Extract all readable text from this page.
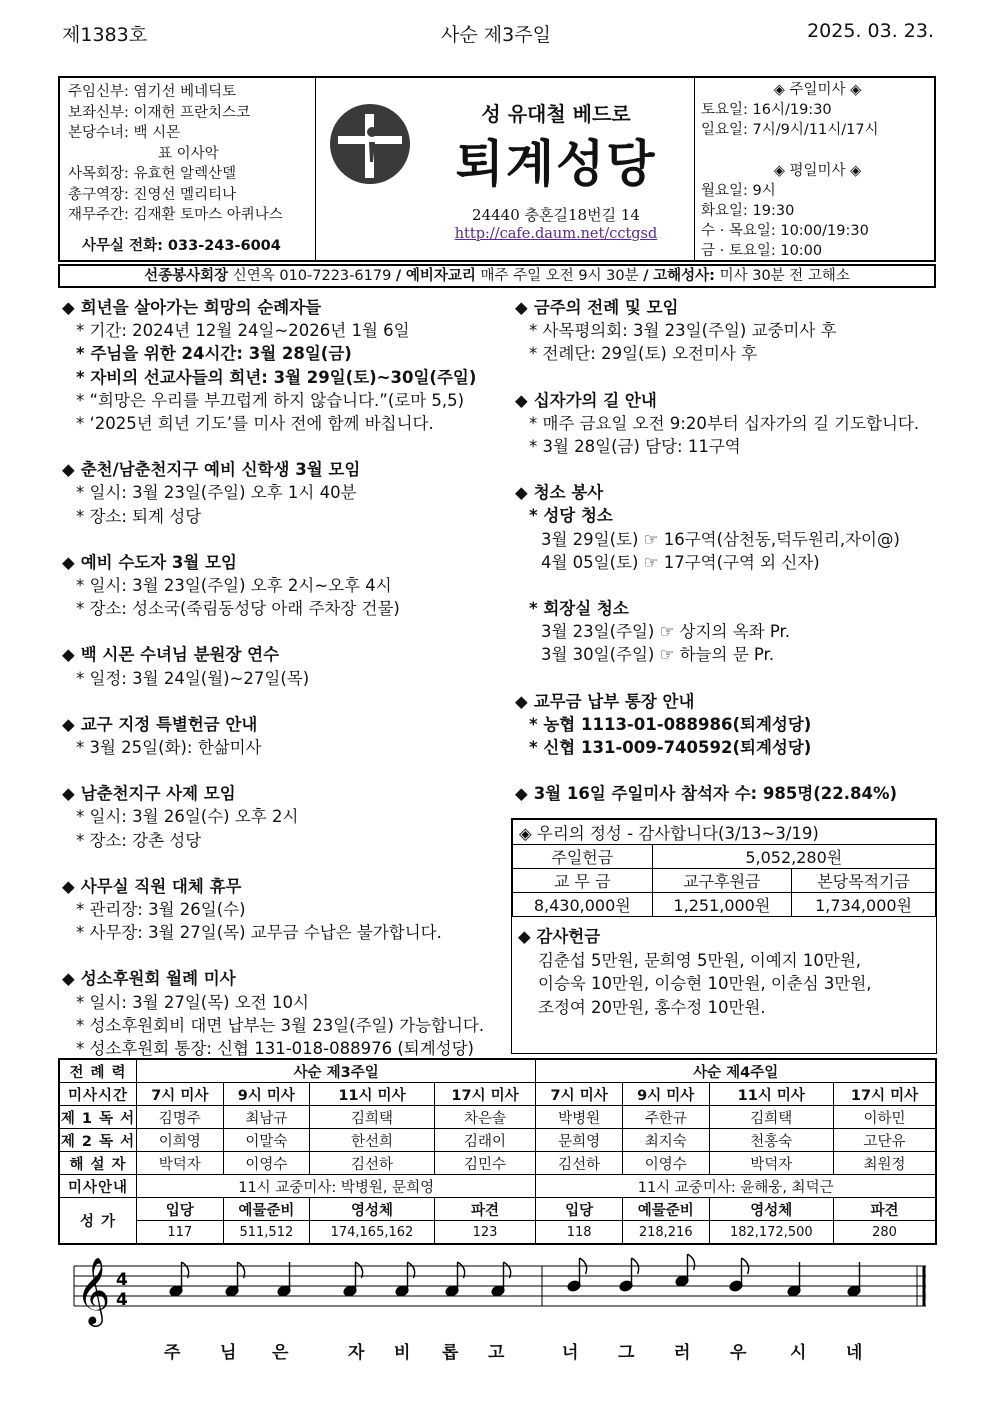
제1383호	사순 제3주일	2025. 03. 23.
주임신부: 염기선 베네딕토
보좌신부: 이재헌 프란치스코
본당수녀: 백 시몬
표 이사악
사목회장: 유효헌 알렉산델
총구역장: 진영선 멜리티나
재무주간: 김재환 토마스 아퀴나스
사무실 전화: 033-243-6004
성 유대철 베드로
퇴계성당
24440 충혼길18번길 14
http://cafe.daum.net/cctgsd
◈ 주일미사 ◈
토요일: 16시/19:30
일요일: 7시/9시/11시/17시
◈ 평일미사 ◈
월요일: 9시
화요일: 19:30
수 · 목요일: 10:00/19:30
금 · 토요일: 10:00
선종봉사회장 신연옥 010-7223-6179 / 예비자교리 매주 주일 오전 9시 30분 / 고해성사: 미사 30분 전 고해소
◆ 희년을 살아가는 희망의 순례자들
* 기간: 2024년 12월 24일~2026년 1월 6일
* 주님을 위한 24시간: 3월 28일(금)
* 자비의 선교사들의 희년: 3월 29일(토)~30일(주일)
* “희망은 우리를 부끄럽게 하지 않습니다.”(로마 5,5)
* ‘2025년 희년 기도’를 미사 전에 함께 바칩니다.
◆ 춘천/남춘천지구 예비 신학생 3월 모임
* 일시: 3월 23일(주일) 오후 1시 40분
* 장소: 퇴계 성당
◆ 예비 수도자 3월 모임
* 일시: 3월 23일(주일) 오후 2시~오후 4시
* 장소: 성소국(죽림동성당 아래 주차장 건물)
◆ 백 시몬 수녀님 분원장 연수
* 일정: 3월 24일(월)~27일(목)
◆ 교구 지정 특별헌금 안내
* 3월 25일(화): 한삶미사
◆ 남춘천지구 사제 모임
* 일시: 3월 26일(수) 오후 2시
* 장소: 강촌 성당
◆ 사무실 직원 대체 휴무
* 관리장: 3월 26일(수)
* 사무장: 3월 27일(목) 교무금 수납은 불가합니다.
◆ 성소후원회 월례 미사
* 일시: 3월 27일(목) 오전 10시
* 성소후원회비 대면 납부는 3월 23일(주일) 가능합니다.
* 성소후원회 통장: 신협 131-018-088976 (퇴계성당)
◆ 금주의 전례 및 모임
* 사목평의회: 3월 23일(주일) 교중미사 후
* 전례단: 29일(토) 오전미사 후
◆ 십자가의 길 안내
* 매주 금요일 오전 9:20부터 십자가의 길 기도합니다.
* 3월 28일(금) 담당: 11구역
◆ 청소 봉사
* 성당 청소
3월 29일(토) ☞ 16구역(삼천동,덕두원리,자이@)
4월 05일(토) ☞ 17구역(구역 외 신자)
* 회장실 청소
3월 23일(주일) ☞ 상지의 옥좌 Pr.
3월 30일(주일) ☞ 하늘의 문 Pr.
◆ 교무금 납부 통장 안내
* 농협 1113-01-088986(퇴계성당)
* 신협 131-009-740592(퇴계성당)
◆ 3월 16일 주일미사 참석자 수: 985명(22.84%)
◈ 우리의 정성 - 감사합니다(3/13~3/19)		
주일헌금	5,052,280원	
교 무 금	교구후원금	본당목적기금
8,430,000원	1,251,000원	1,734,000원
◆ 감사헌금
김춘섭 5만원, 문희영 5만원, 이예지 10만원,
이승욱 10만원, 이승현 10만원, 이춘심 3만원,
조정여 20만원, 홍수정 10만원.
전 례 력	사순 제3주일				사순 제4주일			
미사시간	7시 미사	9시 미사	11시 미사	17시 미사	7시 미사	9시 미사	11시 미사	17시 미사
제 1 독 서	김명주	최남규	김희택	차은솔	박병원	주한규	김희택	이하민
제 2 독 서	이희영	이말숙	한선희	김래이	문희영	최지숙	천홍숙	고단유
해 설 자	박덕자	이영수	김선하	김민수	김선하	이영수	박덕자	최원정
미사안내	11시 교중미사: 박병원, 문희영				11시 교중미사: 윤해웅, 최덕근			
성 가	입당	예물준비	영성체	파견	입당	예물준비	영성체	파견
	117	511,512	174,165,162	123	118	218,216	182,172,500	280
𝄞 4
4
주 님 은	자 비 롭 고	너 그 러 우	시 네
